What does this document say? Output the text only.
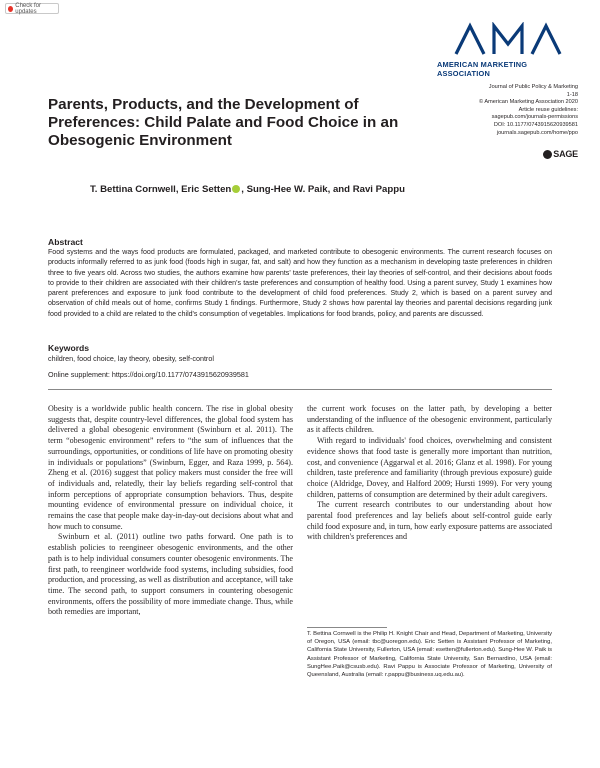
Check for updates
AMA
AMERICAN MARKETING
ASSOCIATION
Journal of Public Policy & Marketing
1-18
© American Marketing Association 2020
Article reuse guidelines:
sagepub.com/journals-permissions
DOI: 10.1177/0743915620939581
journals.sagepub.com/home/ppo
SAGE
Parents, Products, and the Development of Preferences: Child Palate and Food Choice in an Obesogenic Environment
T. Bettina Cornwell, Eric Setten , Sung-Hee W. Paik, and Ravi Pappu
Abstract
Food systems and the ways food products are formulated, packaged, and marketed contribute to obesogenic environments. The current research focuses on products informally referred to as junk food (foods high in sugar, fat, and salt) and how they function as a mechanism in developing taste preferences in children three to five years old. Across two studies, the authors examine how parents' taste preferences, their lay theories of self-control, and their decisions about foods to provide to their children are associated with their children's taste preferences and consumption of healthy food. Using a parent survey, Study 1 examines how parent preferences and exposure to junk food contribute to the development of child food preferences. Study 2, which is based on a parent survey and observation of child meals out of home, confirms Study 1 findings. Furthermore, Study 2 shows how parental lay theories and parental decisions regarding junk food provided to a child are related to the child's consumption of vegetables. Implications for food brands, policy, and parents are discussed.
Keywords
children, food choice, lay theory, obesity, self-control
Online supplement: https://doi.org/10.1177/0743915620939581

Obesity is a worldwide public health concern. The rise in global obesity suggests that, despite country-level differences, the global food system has delivered a global obesogenic environment (Swinburn et al. 2011). The term “obesogenic environment” refers to “the sum of influences that the surroundings, opportunities, or conditions of life have on promoting obesity in individuals or populations” (Swinburn, Egger, and Raza 1999, p. 564). Zheng et al. (2016) suggest that policy makers must consider the free will of individuals and, relatedly, their lay beliefs regarding self-control that inform perceptions of appropriate consumption behaviors. Thus, despite mounting evidence of environmental pressure on individual choice, it remains the case that people make day-in-day-out decisions about what and how much to consume.

Swinburn et al. (2011) outline two paths forward. One path is to establish policies to reengineer obesogenic environments, and the other path is to help individual consumers counter obesogenic environments. The first path, to reengineer worldwide food systems, including subsidies, food production, and processing, as well as distribution and acceptance, will take time. The second path, to support consumers in countering obesogenic environments, offers the possibility of more immediate change. Thus, while both remedies are important,

the current work focuses on the latter path, by developing a better understanding of the influence of the obesogenic environment, particularly as it affects children.

With regard to individuals' food choices, overwhelming and consistent evidence shows that food taste is generally more important than nutrition, cost, and convenience (Aggarwal et al. 2016; Glanz et al. 1998). For young children, taste preference and familiarity (through previous exposure) guide choice (Aldridge, Dovey, and Halford 2009; Hursti 1999). For very young children, patterns of consumption are determined by their adult caregivers.

The current research contributes to our understanding about how parental food preferences and lay beliefs about self-control guide early child food exposure and, in turn, how early exposure patterns are associated with children's preferences and

T. Bettina Cornwell is the Philip H. Knight Chair and Head, Department of Marketing, University of Oregon, USA (email: tbc@uoregon.edu). Eric Setten is Assistant Professor of Marketing, California State University, Fullerton, USA (email: esetten@fullerton.edu). Sung-Hee W. Paik is Assistant Professor of Marketing, California State University, San Bernardino, USA (email: SungHee.Paik@csusb.edu). Ravi Pappu is Associate Professor of Marketing, University of Queensland, Australia (email: r.pappu@business.uq.edu.au).
